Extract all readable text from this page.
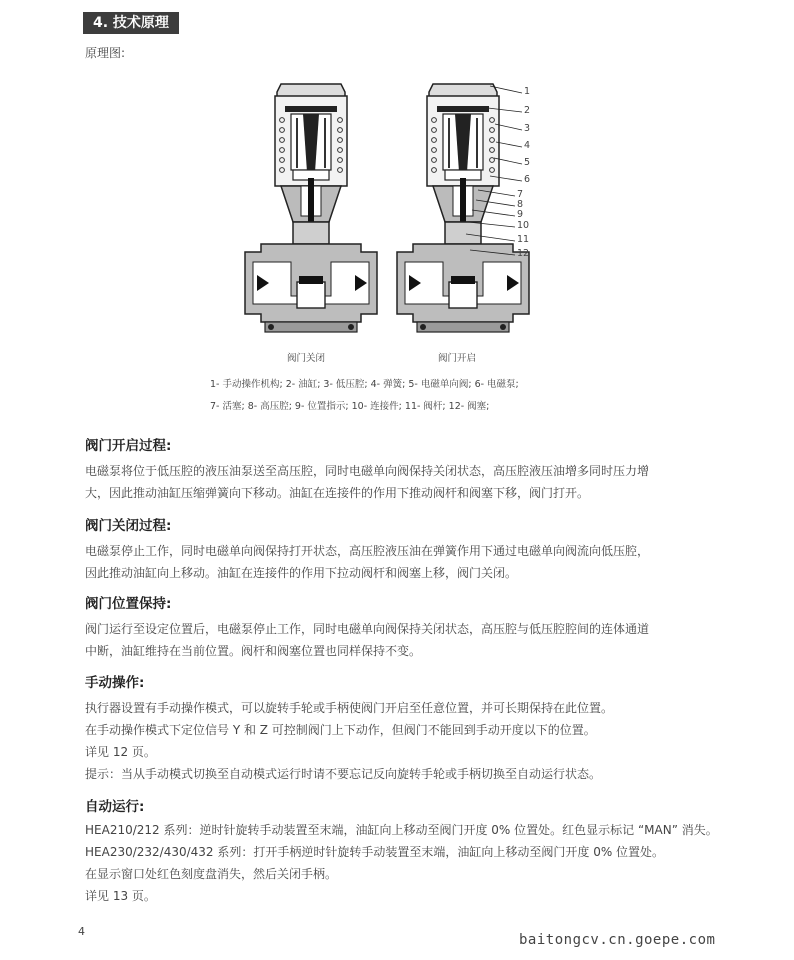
4. 技术原理
原理图:
阀门关闭	阀门开启
1
2
3
4
5
6
7
8
9
10
11
12
1- 手动操作机构; 2- 油缸; 3- 低压腔; 4- 弹簧; 5- 电磁单向阀; 6- 电磁泵;
7- 活塞; 8- 高压腔; 9- 位置指示; 10- 连接件; 11- 阀杆; 12- 阀塞;
阀门开启过程:
电磁泵将位于低压腔的液压油泵送至高压腔，同时电磁单向阀保持关闭状态，高压腔液压油增多同时压力增
大，因此推动油缸压缩弹簧向下移动。油缸在连接件的作用下推动阀杆和阀塞下移，阀门打开。
阀门关闭过程:
电磁泵停止工作，同时电磁单向阀保持打开状态，高压腔液压油在弹簧作用下通过电磁单向阀流向低压腔，
因此推动油缸向上移动。油缸在连接件的作用下拉动阀杆和阀塞上移，阀门关闭。
阀门位置保持:
阀门运行至设定位置后，电磁泵停止工作，同时电磁单向阀保持关闭状态，高压腔与低压腔腔间的连体通道
中断，油缸维持在当前位置。阀杆和阀塞位置也同样保持不变。
手动操作:
执行器设置有手动操作模式，可以旋转手轮或手柄使阀门开启至任意位置，并可长期保持在此位置。
在手动操作模式下定位信号 Y 和 Z 可控制阀门上下动作，但阀门不能回到手动开度以下的位置。
详见 12 页。
提示：当从手动模式切换至自动模式运行时请不要忘记反向旋转手轮或手柄切换至自动运行状态。
自动运行:
HEA210/212 系列：逆时针旋转手动装置至末端，油缸向上移动至阀门开度 0% 位置处。红色显示标记 “MAN” 消失。
HEA230/232/430/432 系列：打开手柄逆时针旋转手动装置至末端，油缸向上移动至阀门开度 0% 位置处。
在显示窗口处红色刻度盘消失，然后关闭手柄。
详见 13 页。
4
baitongcv.cn.goepe.com
